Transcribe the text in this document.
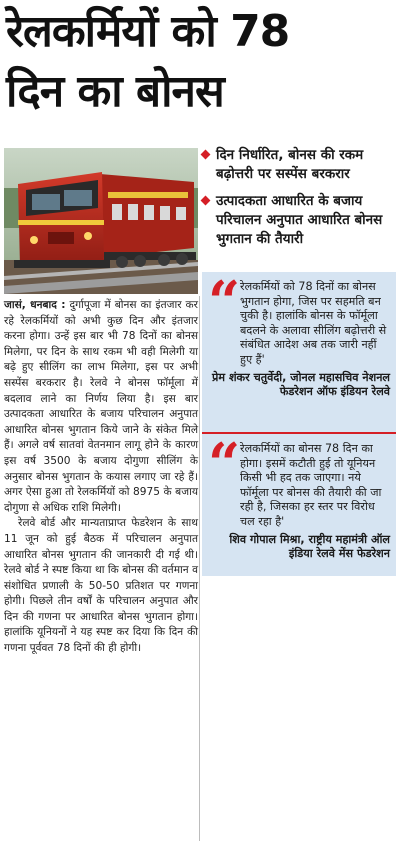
रेलकर्मियों को 78
दिन का बोनस
दिन निर्धारित, बोनस की रकम बढ़ोत्तरी पर सस्पेंस बरकरार
उत्पादकता आधारित के बजाय परिचालन अनुपात आधारित बोनस भुगतान की तैयारी

जासं, धनबाद : दुर्गापूजा में बोनस का इंतजार कर रहे रेलकर्मियों को अभी कुछ दिन और इंतजार करना होगा। उन्हें इस बार भी 78 दिनों का बोनस मिलेगा, पर दिन के साथ रकम भी वही मिलेगी या बढ़े हुए सीलिंग का लाभ मिलेगा, इस पर अभी सस्पेंस बरकरार है। रेलवे ने बोनस फॉर्मूला में बदलाव लाने का निर्णय लिया है। इस बार उत्पादकता आधारित के बजाय परिचालन अनुपात आधारित बोनस भुगतान किये जाने के संकेत मिले हैं। अगले वर्ष सातवां वेतनमान लागू होने के कारण इस वर्ष 3500 के बजाय दोगुणा सीलिंग के अनुसार बोनस भुगतान के कयास लगाए जा रहे हैं। अगर ऐसा हुआ तो रेलकर्मियों को 8975 के बजाय दोगुणा से अधिक राशि मिलेगी।

रेलवे बोर्ड और मान्यताप्राप्त फेडरेशन के साथ 11 जून को हुई बैठक में परिचालन अनुपात आधारित बोनस भुगतान की जानकारी दी गई थी। रेलवे बोर्ड ने स्पष्ट किया था कि बोनस की वर्तमान व संशोधित प्रणाली के 50-50 प्रतिशत पर गणना होगी। पिछले तीन वर्षों के परिचालन अनुपात और दिन की गणना पर आधारित बोनस भुगतान होगा। हालांकि यूनियनों ने यह स्पष्ट कर दिया कि दिन की गणना पूर्ववत 78 दिनों की ही होगी।

“ रेलकर्मियों को 78 दिनों का बोनस भुगतान होगा, जिस पर सहमति बन चुकी है। हालांकि बोनस के फॉर्मूला बदलने के अलावा सीलिंग बढ़ोत्तरी से संबंधित आदेश अब तक जारी नहीं हुए हैं'
प्रेम शंकर चतुर्वेदी, जोनल महासचिव नेशनल फेडरेशन ऑफ इंडियन रेलवे
“ रेलकर्मियों का बोनस 78 दिन का होगा। इसमें कटौती हुई तो यूनियन किसी भी हद तक जाएगा। नये फॉर्मूला पर बोनस की तैयारी की जा रही है, जिसका हर स्तर पर विरोध चल रहा है'
शिव गोपाल मिश्रा, राष्ट्रीय महामंत्री ऑल इंडिया रेलवे मेंस फेडरेशन
